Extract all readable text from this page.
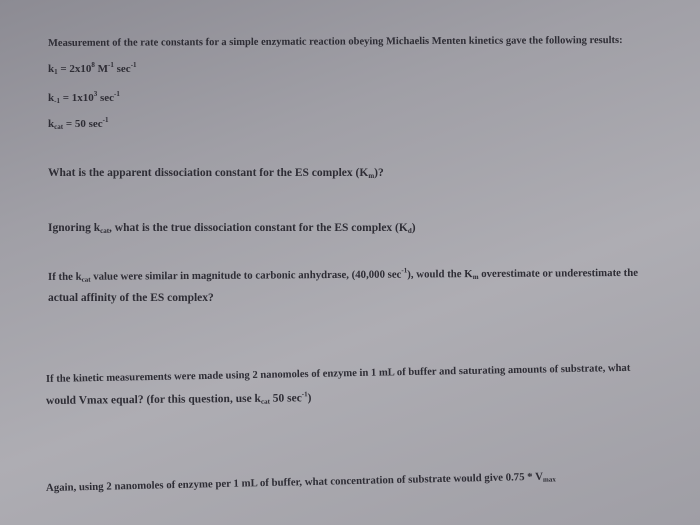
Measurement of the rate constants for a simple enzymatic reaction obeying Michaelis Menten kinetics gave the following results:
$k_1 = 2x10^8$ $M^{-1}$ $\sec^{-1}$
$k_{-1} = 1x10^3$ $\sec^{-1}$
$k_{cat} = 50$ $\sec^{-1}$
What is the apparent dissociation constant for the ES complex $(K_m)$?
Ignoring $k_{cat}$, what is the true dissociation constant for the ES complex $(K_d)$
If the $k_{cat}$ value were similar in magnitude to carbonic anhydrase, (40,000 $\sec^{-1}$), would the $K_m$ overestimate or underestimate the
actual affinity of the ES complex?
If the kinetic measurements were made using 2 nanomoles of enzyme in 1 mL of buffer and saturating amounts of substrate, what
would Vmax equal? (for this question, use $k_{cat}$ 50 $\sec^{-1}$)
Again, using 2 nanomoles of enzyme per 1 mL of buffer, what concentration of substrate would give $0.75 * V_{max}$
